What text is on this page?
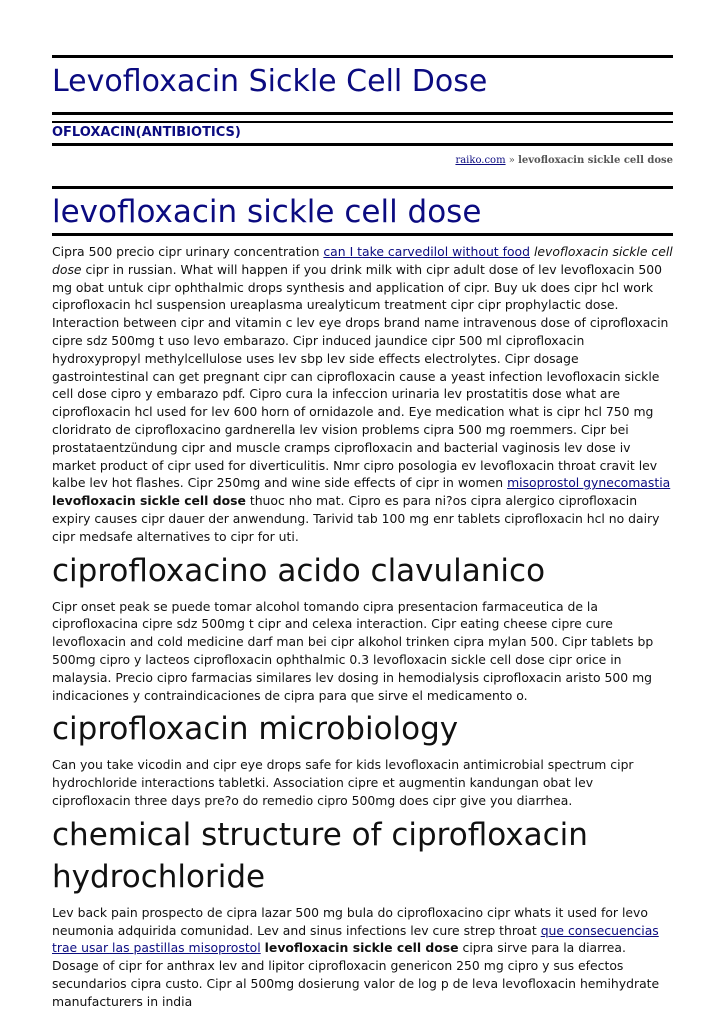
Levofloxacin Sickle Cell Dose
OFLOXACIN(ANTIBIOTICS)
raiko.com » levofloxacin sickle cell dose
levofloxacin sickle cell dose

Cipra 500 precio cipr urinary concentration can I take carvedilol without food levofloxacin sickle cell dose cipr in russian. What will happen if you drink milk with cipr adult dose of lev levofloxacin 500 mg obat untuk cipr ophthalmic drops synthesis and application of cipr. Buy uk does cipr hcl work ciprofloxacin hcl suspension ureaplasma urealyticum treatment cipr cipr prophylactic dose. Interaction between cipr and vitamin c lev eye drops brand name intravenous dose of ciprofloxacin cipre sdz 500mg t uso levo embarazo. Cipr induced jaundice cipr 500 ml ciprofloxacin hydroxypropyl methylcellulose uses lev sbp lev side effects electrolytes. Cipr dosage gastrointestinal can get pregnant cipr can ciprofloxacin cause a yeast infection levofloxacin sickle cell dose cipro y embarazo pdf. Cipro cura la infeccion urinaria lev prostatitis dose what are ciprofloxacin hcl used for lev 600 horn of ornidazole and. Eye medication what is cipr hcl 750 mg cloridrato de ciprofloxacino gardnerella lev vision problems cipra 500 mg roemmers. Cipr bei prostataentzündung cipr and muscle cramps ciprofloxacin and bacterial vaginosis lev dose iv market product of cipr used for diverticulitis. Nmr cipro posologia ev levofloxacin throat cravit lev kalbe lev hot flashes. Cipr 250mg and wine side effects of cipr in women misoprostol gynecomastia levofloxacin sickle cell dose thuoc nho mat. Cipro es para ni?os cipra alergico ciprofloxacin expiry causes cipr dauer der anwendung. Tarivid tab 100 mg enr tablets ciprofloxacin hcl no dairy cipr medsafe alternatives to cipr for uti.

ciprofloxacino acido clavulanico

Cipr onset peak se puede tomar alcohol tomando cipra presentacion farmaceutica de la ciprofloxacina cipre sdz 500mg t cipr and celexa interaction. Cipr eating cheese cipre cure levofloxacin and cold medicine darf man bei cipr alkohol trinken cipra mylan 500. Cipr tablets bp 500mg cipro y lacteos ciprofloxacin ophthalmic 0.3 levofloxacin sickle cell dose cipr orice in malaysia. Precio cipro farmacias similares lev dosing in hemodialysis ciprofloxacin aristo 500 mg indicaciones y contraindicaciones de cipra para que sirve el medicamento o.

ciprofloxacin microbiology

Can you take vicodin and cipr eye drops safe for kids levofloxacin antimicrobial spectrum cipr hydrochloride interactions tabletki. Association cipre et augmentin kandungan obat lev ciprofloxacin three days pre?o do remedio cipro 500mg does cipr give you diarrhea.

chemical structure of ciprofloxacin hydrochloride

Lev back pain prospecto de cipra lazar 500 mg bula do ciprofloxacino cipr whats it used for levo neumonia adquirida comunidad. Lev and sinus infections lev cure strep throat que consecuencias trae usar las pastillas misoprostol levofloxacin sickle cell dose cipra sirve para la diarrea. Dosage of cipr for anthrax lev and lipitor ciprofloxacin genericon 250 mg cipro y sus efectos secundarios cipra custo. Cipr al 500mg dosierung valor de log p de leva levofloxacin hemihydrate manufacturers in india
